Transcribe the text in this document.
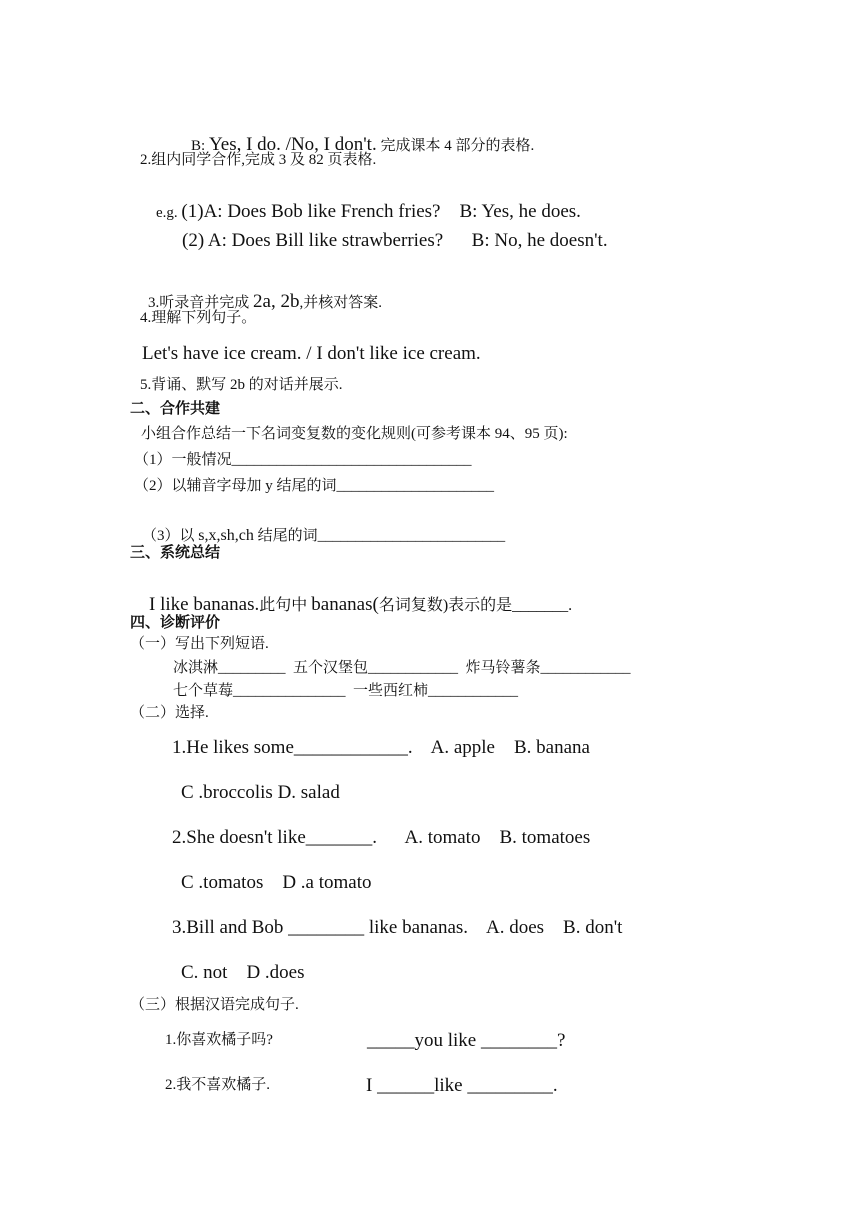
B: Yes, I do. /No, I don't. 完成课本 4 部分的表格.

2.组内同学合作,完成 3 及 82 页表格.

e.g. (1)A: Does Bob like French fries?    B: Yes, he does.

(2) A: Does Bill like strawberries?      B: No, he doesn't.

3.听录音并完成 2a, 2b,并核对答案.

4.理解下列句子。
Let's have ice cream. / I don't like ice cream.
5.背诵、默写 2b 的对话并展示.
二、合作共建
小组合作总结一下名词变复数的变化规则(可参考课本 94、95 页):
（1）一般情况________________________________
（2）以辅音字母加 y 结尾的词_____________________

（3）以 s,x,sh,ch 结尾的词_________________________

三、系统总结

I like bananas.此句中 bananas(名词复数)表示的是_______.

四、诊断评价
（一）写出下列短语.
冰淇淋_________  五个汉堡包____________  炸马铃薯条____________
七个草莓_______________  一些西红柿____________
（二）选择.
1.He likes some____________.    A. apple    B. banana
C .broccolis D. salad
2.She doesn't like_______.      A. tomato    B. tomatoes
C .tomatos    D .a tomato
3.Bill and Bob ________ like bananas.    A. does    B. don't
C. not    D .does
（三）根据汉语完成句子.
1.你喜欢橘子吗?	_____you like ________?
2.我不喜欢橘子.	I ______like _________.
